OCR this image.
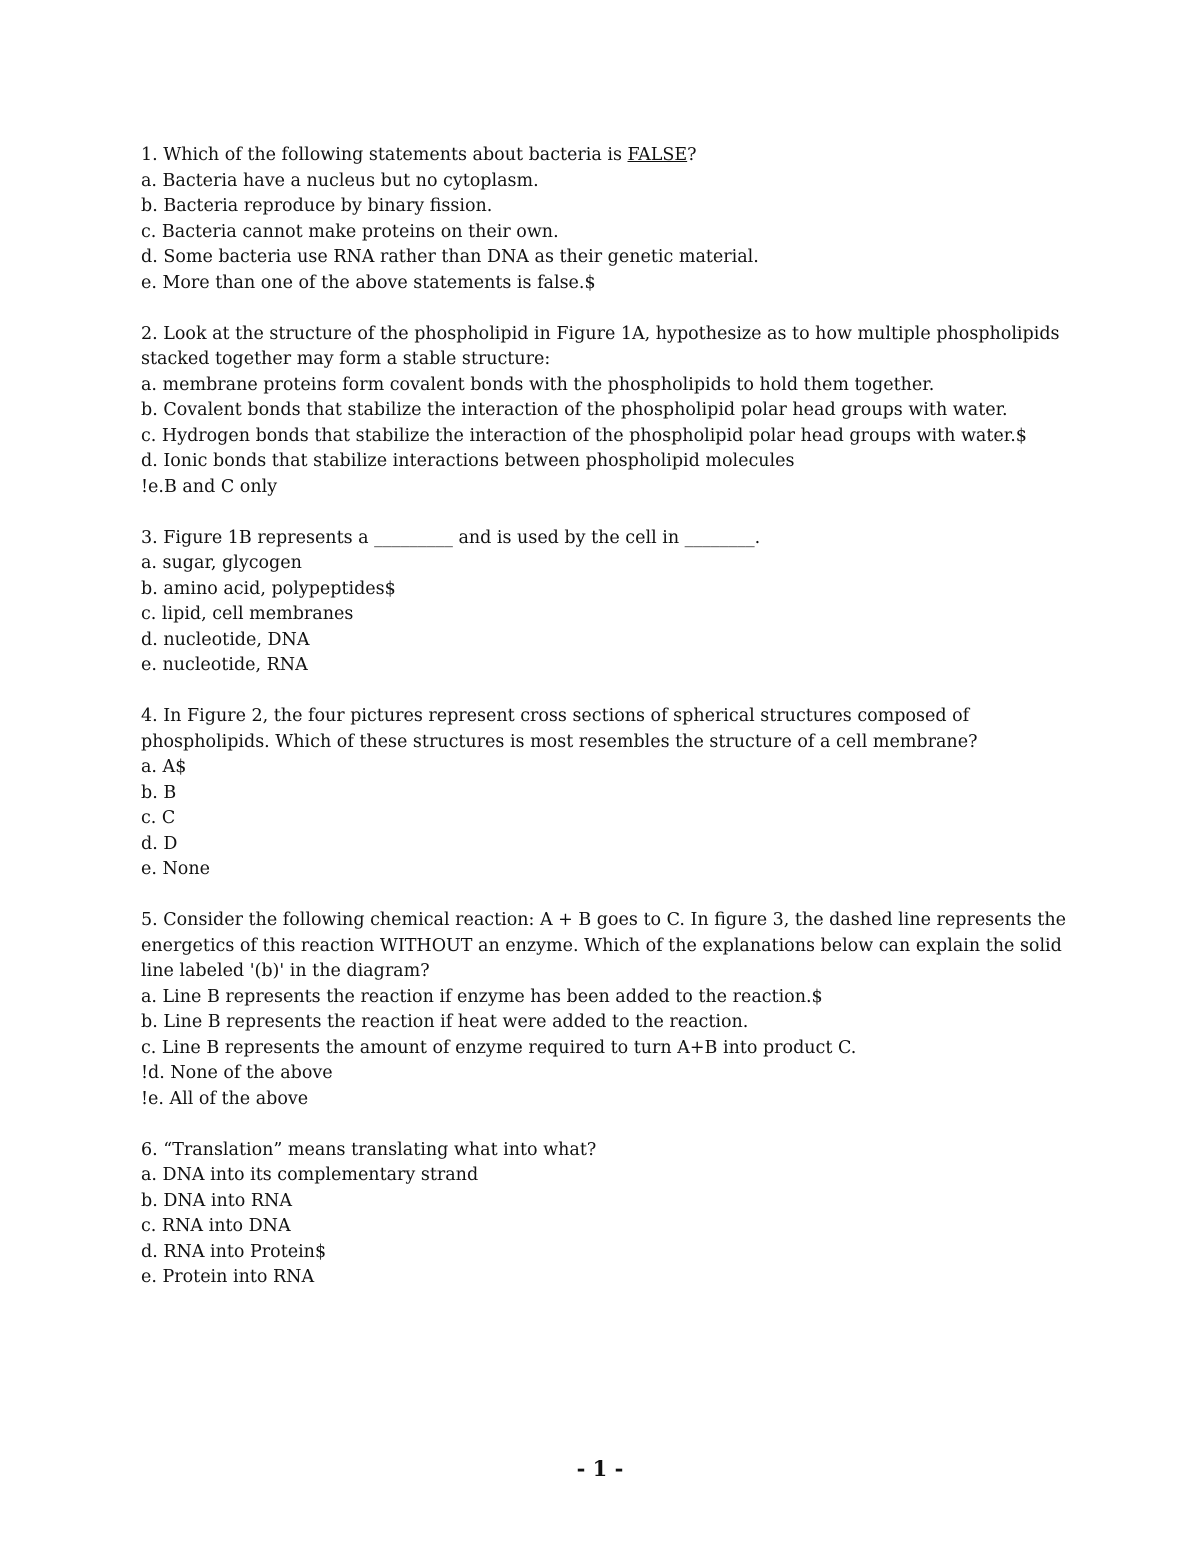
1. Which of the following statements about bacteria is FALSE?
a. Bacteria have a nucleus but no cytoplasm.
b. Bacteria reproduce by binary fission.
c. Bacteria cannot make proteins on their own.
d. Some bacteria use RNA rather than DNA as their genetic material.
e. More than one of the above statements is false.$
2. Look at the structure of the phospholipid in Figure 1A, hypothesize as to how multiple phospholipids stacked together may form a stable structure:
a. membrane proteins form covalent bonds with the phospholipids to hold them together.
b. Covalent bonds that stabilize the interaction of the phospholipid polar head groups with water.
c. Hydrogen bonds that stabilize the interaction of the phospholipid polar head groups with water.$
d. Ionic bonds that stabilize interactions between phospholipid molecules
!e.B and C only
3. Figure 1B represents a _________ and is used by the cell in ________.
a. sugar, glycogen
b. amino acid, polypeptides$
c. lipid, cell membranes
d. nucleotide, DNA
e. nucleotide, RNA
4. In Figure 2, the four pictures represent cross sections of spherical structures composed of phospholipids. Which of these structures is most resembles the structure of a cell membrane?
a. A$
b. B
c. C
d. D
e. None
5. Consider the following chemical reaction: A + B goes to C. In figure 3, the dashed line represents the energetics of this reaction WITHOUT an enzyme. Which of the explanations below can explain the solid line labeled '(b)' in the diagram?
a. Line B represents the reaction if enzyme has been added to the reaction.$
b. Line B represents the reaction if heat were added to the reaction.
c. Line B represents the amount of enzyme required to turn A+B into product C.
!d. None of the above
!e. All of the above
6. “Translation” means translating what into what?
a. DNA into its complementary strand
b. DNA into RNA
c. RNA into DNA
d. RNA into Protein$
e. Protein into RNA
- 1 -
